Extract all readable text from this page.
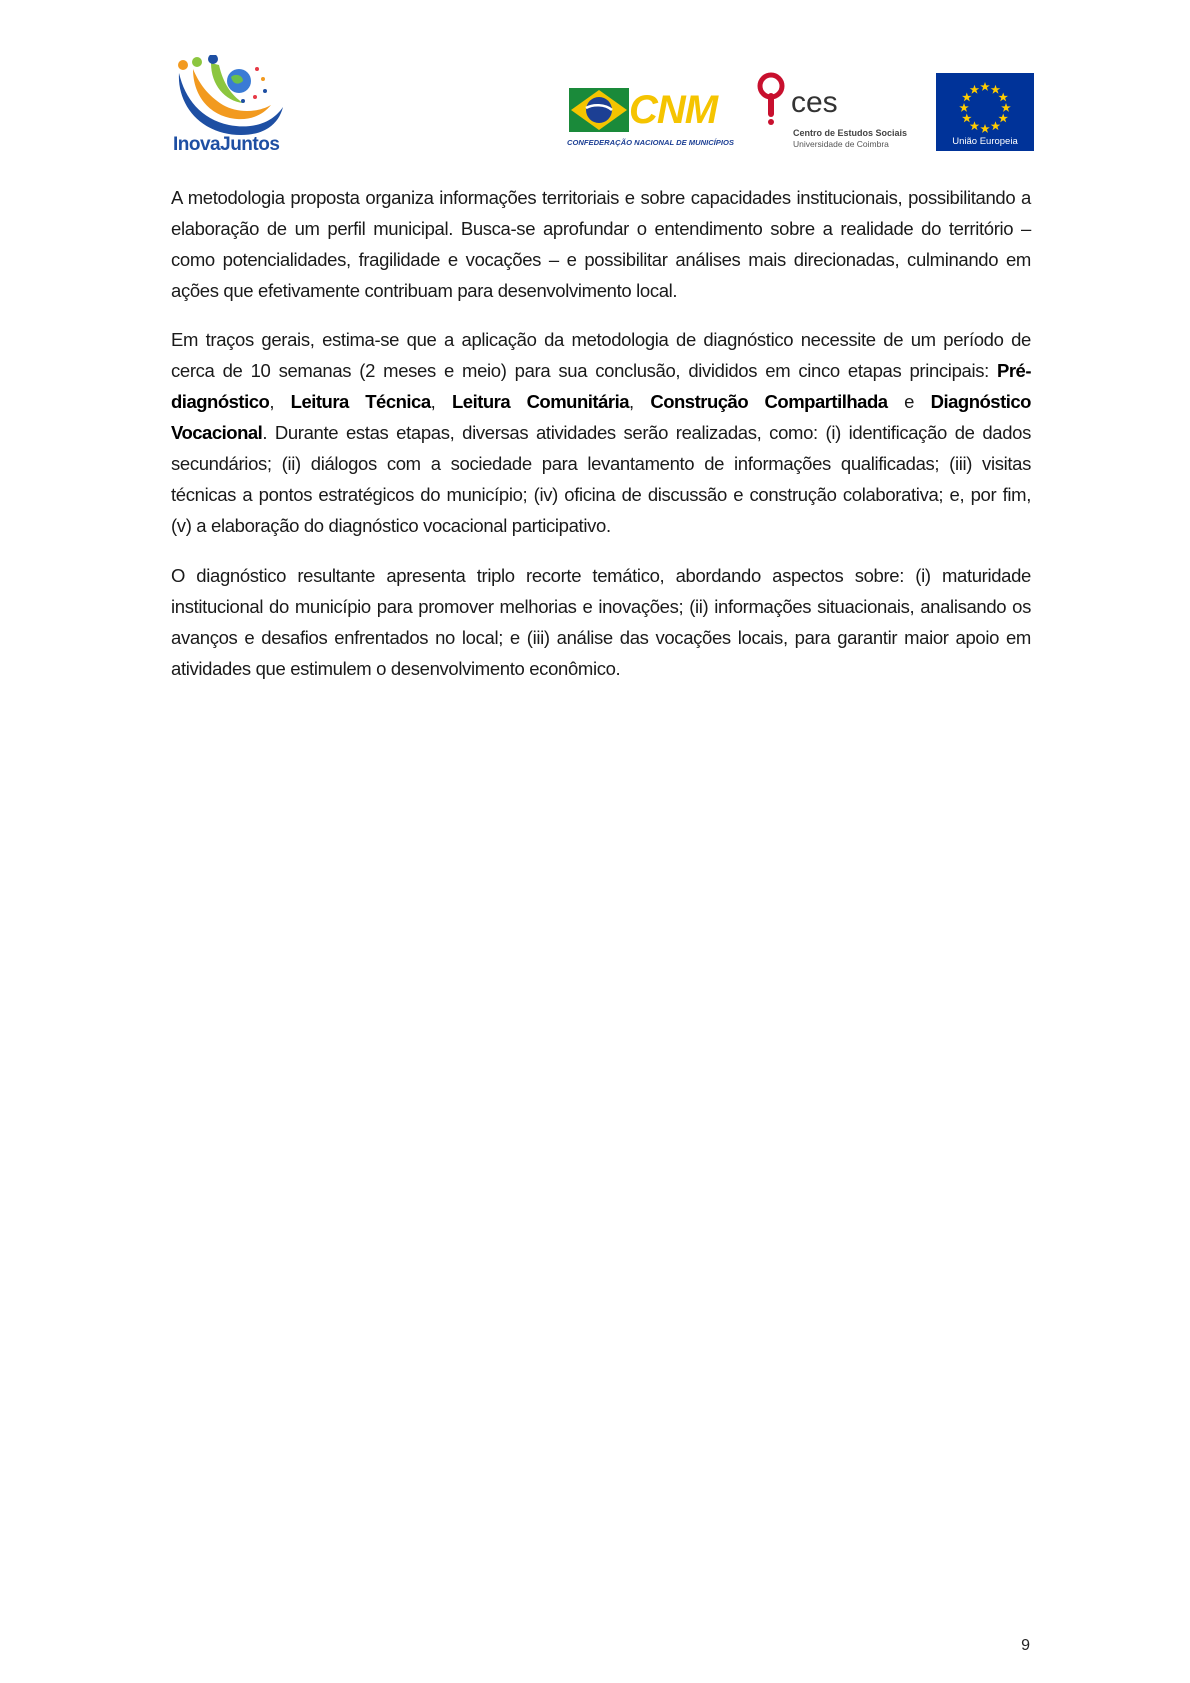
InovaJuntos
CNM
CONFEDERAÇÃO NACIONAL DE MUNICÍPIOS
ces
Centro de Estudos Sociais
Universidade de Coimbra	União Europeia

A metodologia proposta organiza informações territoriais e sobre capacidades institucionais, possibilitando a elaboração de um perfil municipal. Busca-se aprofundar o entendimento sobre a realidade do território – como potencialidades, fragilidade e vocações – e possibilitar análises mais direcionadas, culminando em ações que efetivamente contribuam para desenvolvimento local.

Em traços gerais, estima-se que a aplicação da metodologia de diagnóstico necessite de um período de cerca de 10 semanas (2 meses e meio) para sua conclusão, divididos em cinco etapas principais: Pré-diagnóstico, Leitura Técnica, Leitura Comunitária, Construção Compartilhada e Diagnóstico Vocacional. Durante estas etapas, diversas atividades serão realizadas, como: (i) identificação de dados secundários; (ii) diálogos com a sociedade para levantamento de informações qualificadas; (iii) visitas técnicas a pontos estratégicos do município; (iv) oficina de discussão e construção colaborativa; e, por fim, (v) a elaboração do diagnóstico vocacional participativo.

O diagnóstico resultante apresenta triplo recorte temático, abordando aspectos sobre: (i) maturidade institucional do município para promover melhorias e inovações; (ii) informações situacionais, analisando os avanços e desafios enfrentados no local; e (iii) análise das vocações locais, para garantir maior apoio em atividades que estimulem o desenvolvimento econômico.

9
